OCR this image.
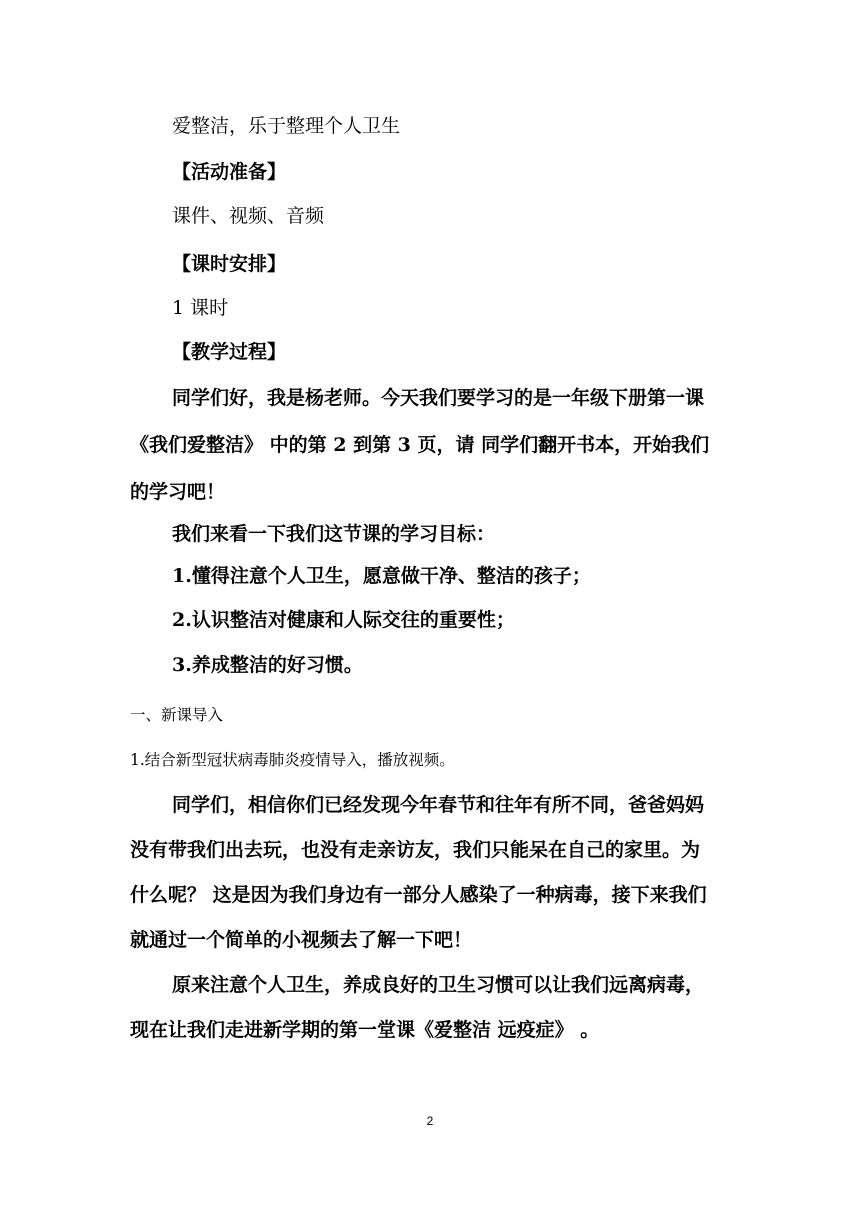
爱整洁，乐于整理个人卫生
【活动准备】
课件、视频、音频
【课时安排】
1 课时
【教学过程】
同学们好，我是杨老师。今天我们要学习的是一年级下册第一课
《我们爱整洁》 中的第 2 到第 3 页，请 同学们翻开书本，开始我们
的学习吧！
我们来看一下我们这节课的学习目标：
1.懂得注意个人卫生，愿意做干净、整洁的孩子；
2.认识整洁对健康和人际交往的重要性；
3.养成整洁的好习惯。
一、新课导入
1.结合新型冠状病毒肺炎疫情导入，播放视频。
同学们，相信你们已经发现今年春节和往年有所不同，爸爸妈妈
没有带我们出去玩，也没有走亲访友，我们只能呆在自己的家里。为
什么呢？ 这是因为我们身边有一部分人感染了一种病毒，接下来我们
就通过一个简单的小视频去了解一下吧！
原来注意个人卫生，养成良好的卫生习惯可以让我们远离病毒，
现在让我们走进新学期的第一堂课《爱整洁 远疫症》 。
2
